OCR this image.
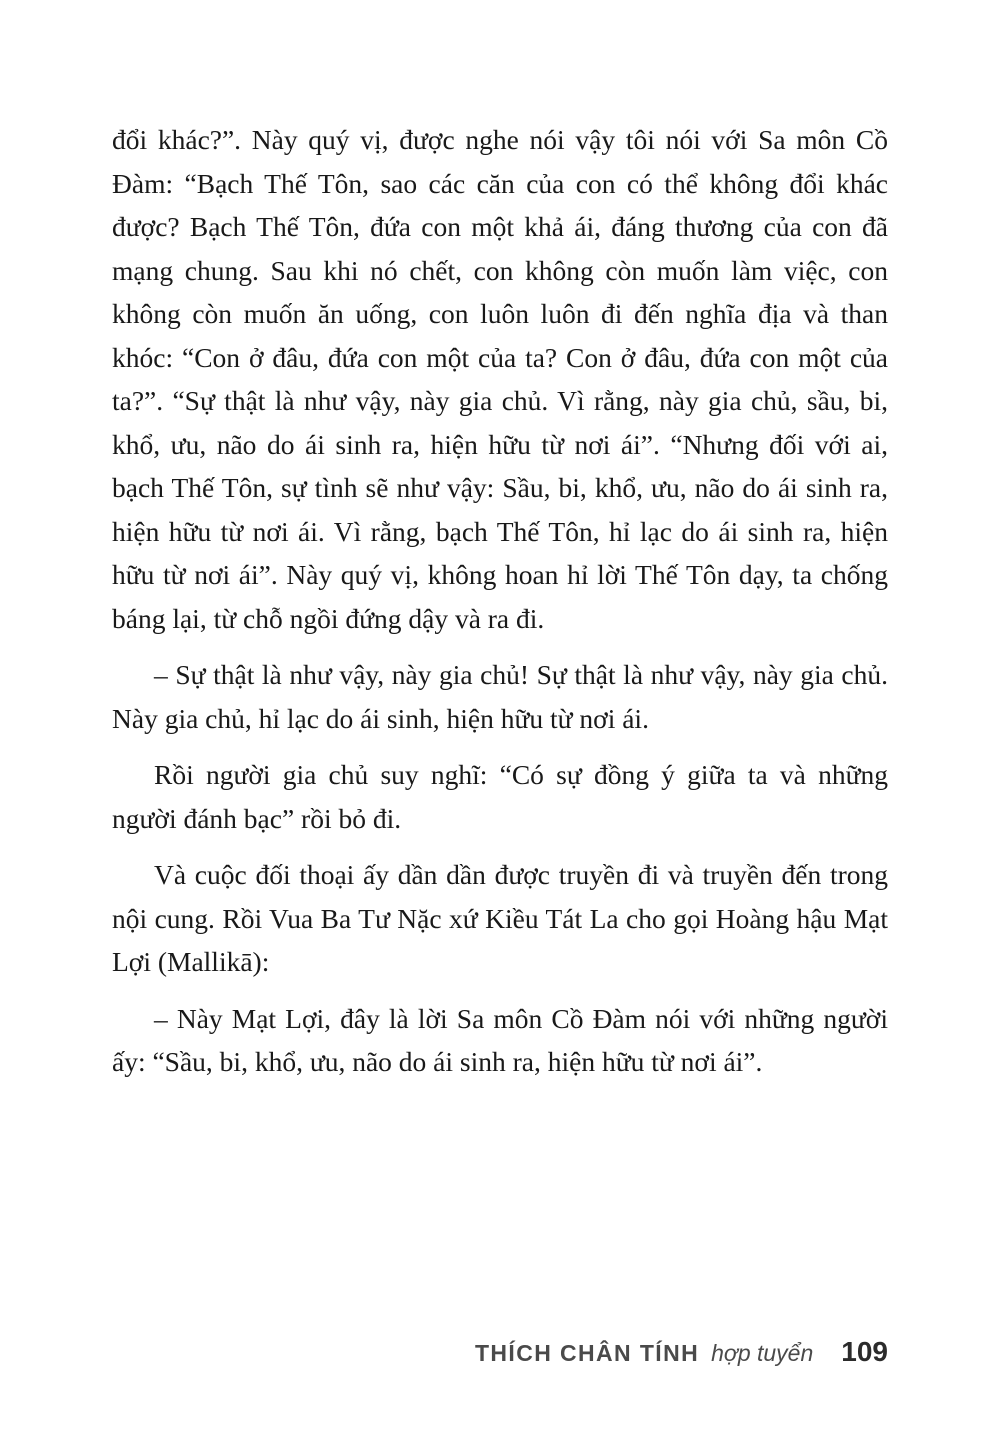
đổi khác?”. Này quý vị, được nghe nói vậy tôi nói với Sa môn Cồ Đàm: “Bạch Thế Tôn, sao các căn của con có thể không đổi khác được? Bạch Thế Tôn, đứa con một khả ái, đáng thương của con đã mạng chung. Sau khi nó chết, con không còn muốn làm việc, con không còn muốn ăn uống, con luôn luôn đi đến nghĩa địa và than khóc: “Con ở đâu, đứa con một của ta? Con ở đâu, đứa con một của ta?”. “Sự thật là như vậy, này gia chủ. Vì rằng, này gia chủ, sầu, bi, khổ, ưu, não do ái sinh ra, hiện hữu từ nơi ái”. “Nhưng đối với ai, bạch Thế Tôn, sự tình sẽ như vậy: Sầu, bi, khổ, ưu, não do ái sinh ra, hiện hữu từ nơi ái. Vì rằng, bạch Thế Tôn, hỉ lạc do ái sinh ra, hiện hữu từ nơi ái”. Này quý vị, không hoan hỉ lời Thế Tôn dạy, ta chống báng lại, từ chỗ ngồi đứng dậy và ra đi.

– Sự thật là như vậy, này gia chủ! Sự thật là như vậy, này gia chủ. Này gia chủ, hỉ lạc do ái sinh, hiện hữu từ nơi ái.

Rồi người gia chủ suy nghĩ: “Có sự đồng ý giữa ta và những người đánh bạc” rồi bỏ đi.

Và cuộc đối thoại ấy dần dần được truyền đi và truyền đến trong nội cung. Rồi Vua Ba Tư Nặc xứ Kiều Tát La cho gọi Hoàng hậu Mạt Lợi (Mallikā):

– Này Mạt Lợi, đây là lời Sa môn Cồ Đàm nói với những người ấy: “Sầu, bi, khổ, ưu, não do ái sinh ra, hiện hữu từ nơi ái”.

THÍCH CHÂN TÍNH hợp tuyển 109
